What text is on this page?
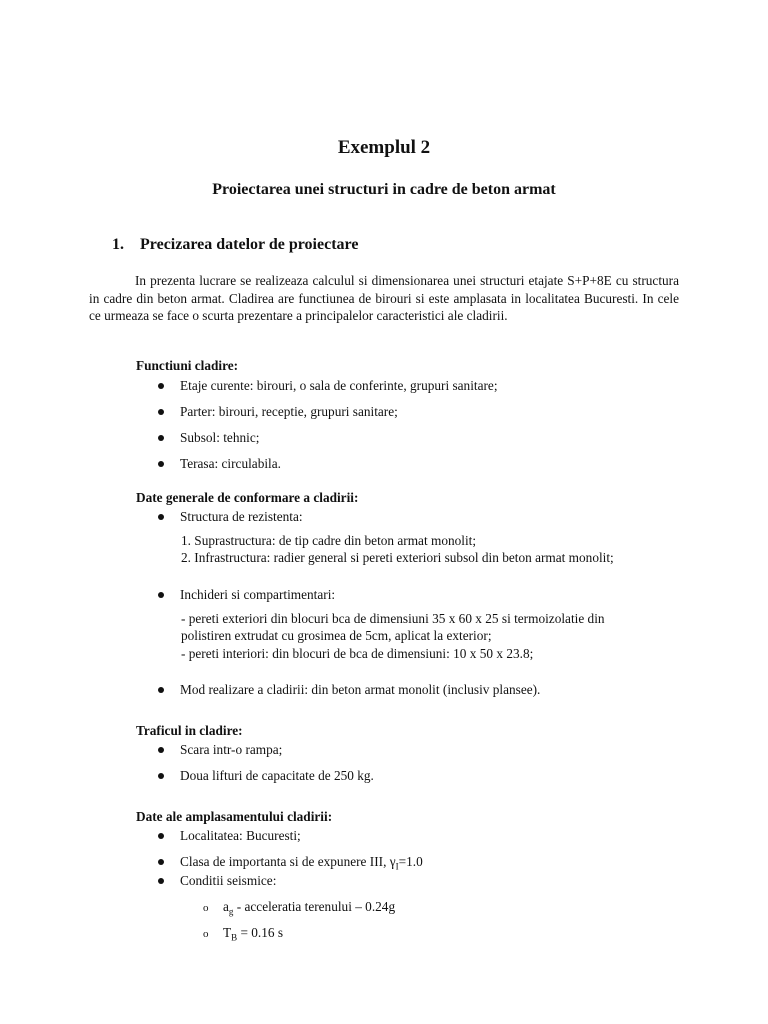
Exemplul 2
Proiectarea unei structuri in cadre de beton armat
1. Precizarea datelor de proiectare
In prezenta lucrare se realizeaza calculul si dimensionarea unei structuri etajate S+P+8E cu structura in cadre din beton armat. Cladirea are functiunea de birouri si este amplasata in localitatea Bucuresti. In cele ce urmeaza se face o scurta prezentare a principalelor caracteristici ale cladirii.
Functiuni cladire:
Etaje curente: birouri, o sala de conferinte, grupuri sanitare;
Parter: birouri, receptie, grupuri sanitare;
Subsol: tehnic;
Terasa: circulabila.
Date generale de conformare a cladirii:
Structura de rezistenta:
1. Suprastructura: de tip cadre din beton armat monolit;
2. Infrastructura: radier general si pereti exteriori subsol din beton armat monolit;
Inchideri si compartimentari:
- pereti exteriori din blocuri bca de dimensiuni 35 x 60 x 25 si termoizolatie din
polistiren extrudat cu grosimea de 5cm, aplicat la exterior;
- pereti interiori: din blocuri de bca de dimensiuni: 10 x 50 x 23.8;
Mod realizare a cladirii: din beton armat monolit (inclusiv plansee).
Traficul in cladire:
Scara intr-o rampa;
Doua lifturi de capacitate de 250 kg.
Date ale amplasamentului cladirii:
Localitatea: Bucuresti;
Clasa de importanta si de expunere III, $\gamma_I=1.0$
Conditii seismice:
o $a_g$ - acceleratia terenului – 0.24g
o $T_B = 0.16$ s
